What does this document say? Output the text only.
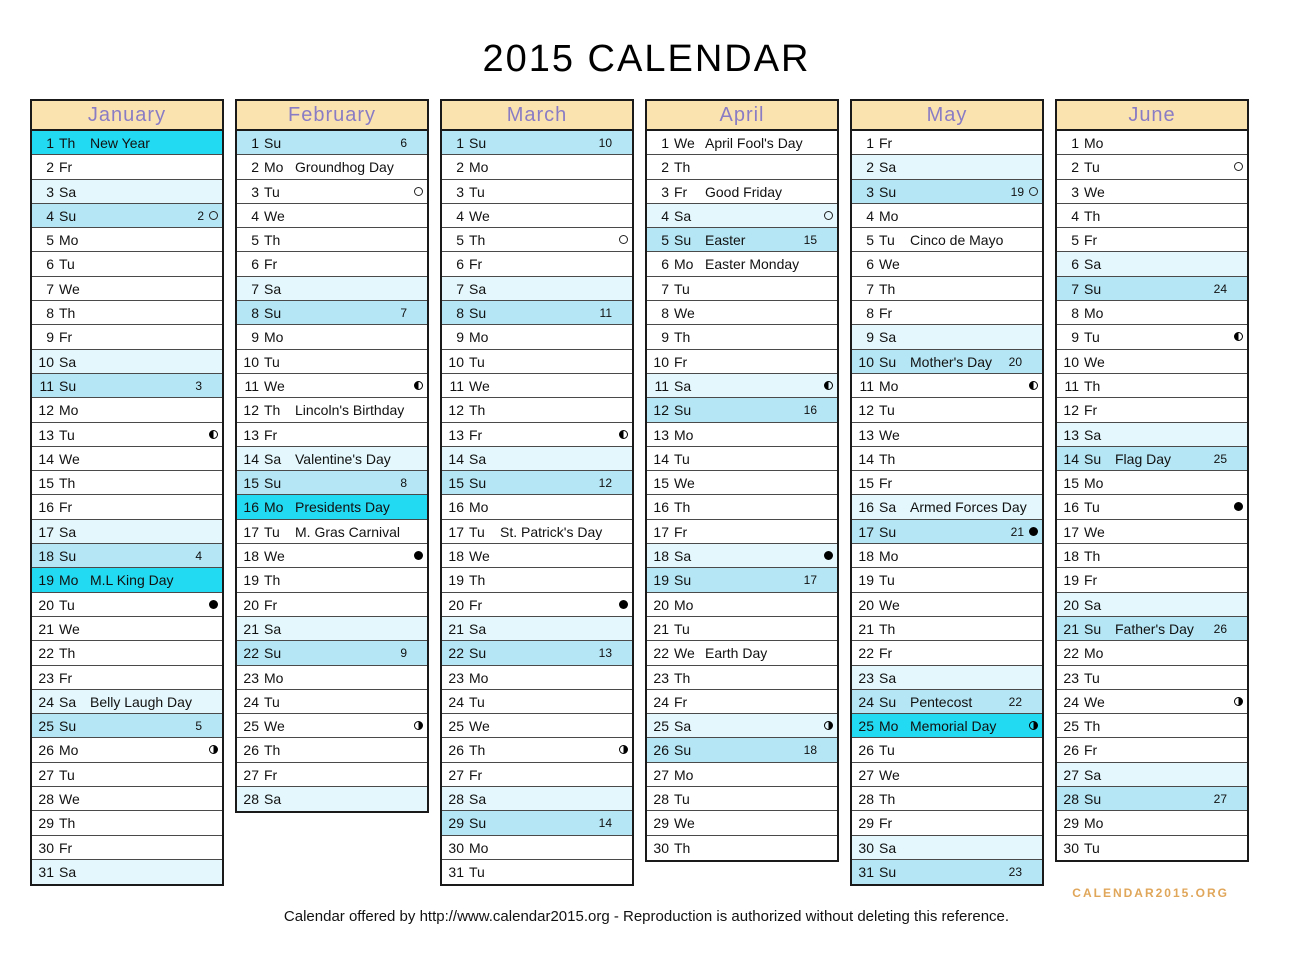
2015 CALENDAR
January
1 Th New Year
2 Fr
3 Sa
4 Su	2
5 Mo
6 Tu
7 We
8 Th
9 Fr
10 Sa
11 Su	3
12 Mo
13 Tu
14 We
15 Th
16 Fr
17 Sa
18 Su	4
19 Mo M.L King Day
20 Tu
21 We
22 Th
23 Fr
24 Sa Belly Laugh Day
25 Su	5
26 Mo
27 Tu
28 We
29 Th
30 Fr
31 Sa
February
1 Su	6
2 Mo Groundhog Day
3 Tu
4 We
5 Th
6 Fr
7 Sa
8 Su	7
9 Mo
10 Tu
11 We
12 Th Lincoln's Birthday
13 Fr
14 Sa Valentine's Day
15 Su	8
16 Mo Presidents Day
17 Tu M. Gras Carnival
18 We
19 Th
20 Fr
21 Sa
22 Su	9
23 Mo
24 Tu
25 We
26 Th
27 Fr
28 Sa
March
1 Su	10
2 Mo
3 Tu
4 We
5 Th
6 Fr
7 Sa
8 Su	11
9 Mo
10 Tu
11 We
12 Th
13 Fr
14 Sa
15 Su	12
16 Mo
17 Tu St. Patrick's Day
18 We
19 Th
20 Fr
21 Sa
22 Su	13
23 Mo
24 Tu
25 We
26 Th
27 Fr
28 Sa
29 Su	14
30 Mo
31 Tu
April
1 We April Fool's Day
2 Th
3 Fr Good Friday
4 Sa
5 Su Easter	15
6 Mo Easter Monday
7 Tu
8 We
9 Th
10 Fr
11 Sa
12 Su	16
13 Mo
14 Tu
15 We
16 Th
17 Fr
18 Sa
19 Su	17
20 Mo
21 Tu
22 We Earth Day
23 Th
24 Fr
25 Sa
26 Su	18
27 Mo
28 Tu
29 We
30 Th
May
1 Fr
2 Sa
3 Su	19
4 Mo
5 Tu Cinco de Mayo
6 We
7 Th
8 Fr
9 Sa
10 Su Mother's Day 20
11 Mo
12 Tu
13 We
14 Th
15 Fr
16 Sa Armed Forces Day
17 Su	21
18 Mo
19 Tu
20 We
21 Th
22 Fr
23 Sa
24 Su Pentecost	22
25 Mo Memorial Day
26 Tu
27 We
28 Th
29 Fr
30 Sa
31 Su	23
June
1 Mo
2 Tu
3 We
4 Th
5 Fr
6 Sa
7 Su	24
8 Mo
9 Tu
10 We
11 Th
12 Fr
13 Sa
14 Su Flag Day	25
15 Mo
16 Tu
17 We
18 Th
19 Fr
20 Sa
21 Su Father's Day 26
22 Mo
23 Tu
24 We
25 Th
26 Fr
27 Sa
28 Su	27
29 Mo
30 Tu
CALENDAR2015.ORG
Calendar offered by http://www.calendar2015.org - Reproduction is authorized without deleting this reference.
